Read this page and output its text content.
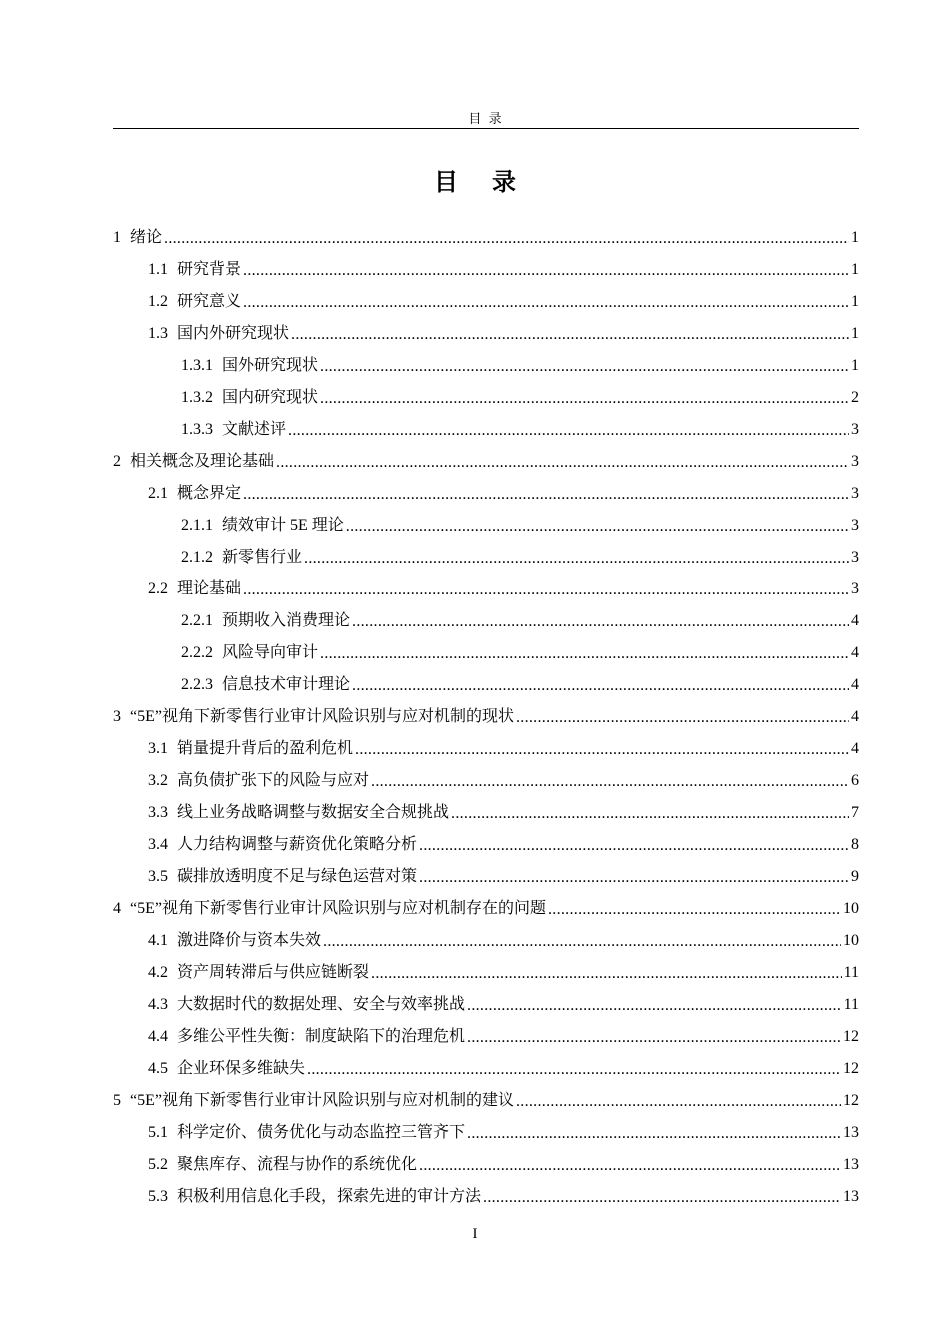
目 录
目 录
1 绪论 .....	1
1.1 研究背景 .....	1
1.2 研究意义 .....	1
1.3 国内外研究现状 .....	1
1.3.1 国外研究现状 .....	1
1.3.2 国内研究现状 .....	2
1.3.3 文献述评 .....	3
2 相关概念及理论基础 .....	3
2.1 概念界定 .....	3
2.1.1 绩效审计 5E 理论 .....	3
2.1.2 新零售行业 .....	3
2.2 理论基础 .....	3
2.2.1 预期收入消费理论 .....	4
2.2.2 风险导向审计 .....	4
2.2.3 信息技术审计理论 .....	4
3 “5E”视角下新零售行业审计风险识别与应对机制的现状 .....	4
3.1 销量提升背后的盈利危机 .....	4
3.2 高负债扩张下的风险与应对 .....	6
3.3 线上业务战略调整与数据安全合规挑战 .....	7
3.4 人力结构调整与薪资优化策略分析 .....	8
3.5 碳排放透明度不足与绿色运营对策 .....	9
4 “5E”视角下新零售行业审计风险识别与应对机制存在的问题 .....	10
4.1 激进降价与资本失效 .....	10
4.2 资产周转滞后与供应链断裂 .....	11
4.3 大数据时代的数据处理、安全与效率挑战 .....	11
4.4 多维公平性失衡：制度缺陷下的治理危机 .....	12
4.5 企业环保多维缺失 .....	12
5 “5E”视角下新零售行业审计风险识别与应对机制的建议 .....	12
5.1 科学定价、债务优化与动态监控三管齐下 .....	13
5.2 聚焦库存、流程与协作的系统优化 .....	13
5.3 积极利用信息化手段，探索先进的审计方法 .....	13
I
